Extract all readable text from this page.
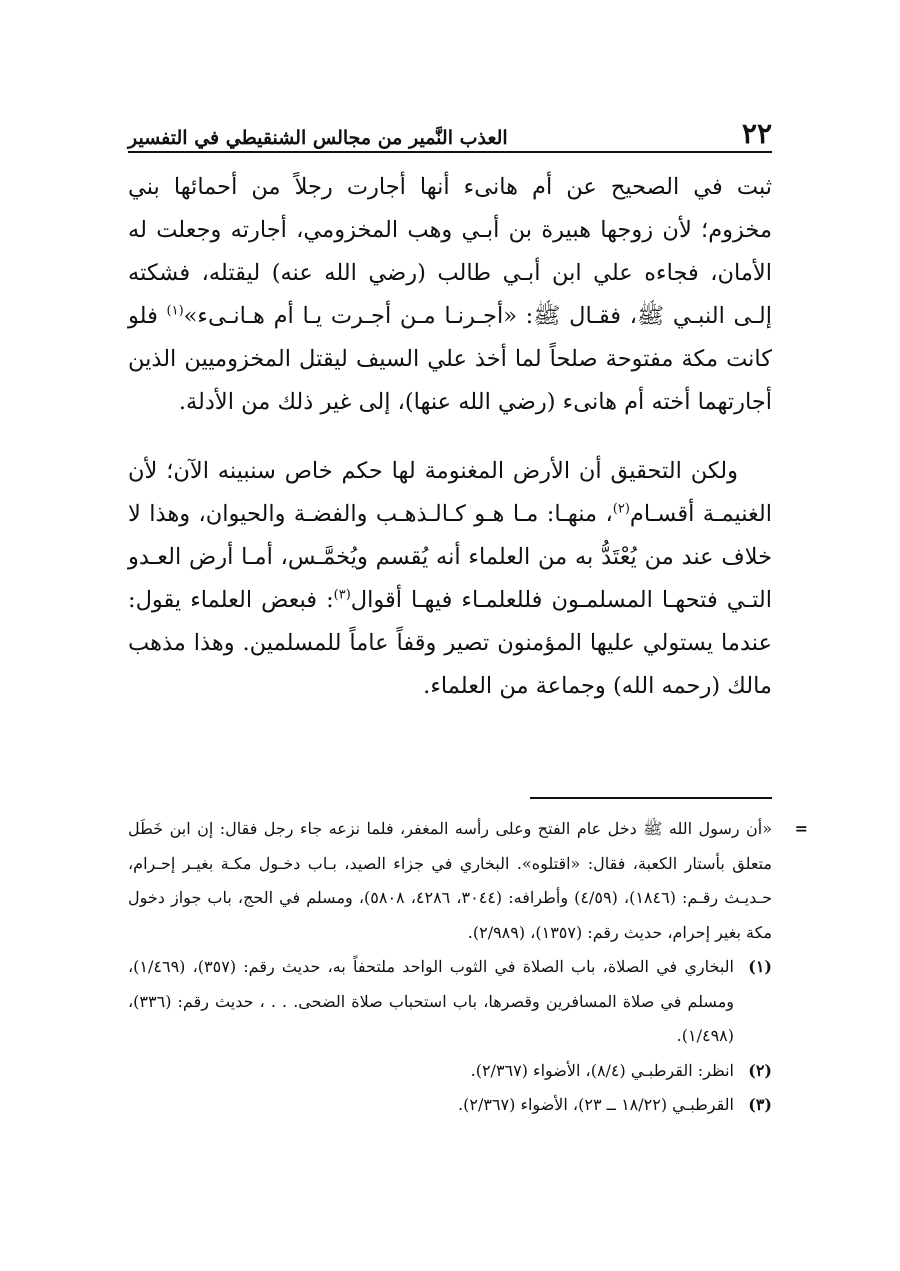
٢٢
العذب النَّمير من مجالس الشنقيطي في التفسير

ثبت في الصحيح عن أم هانىء أنها أجارت رجلاً من أحمائها بني مخزوم؛ لأن زوجها هبيرة بن أبـي وهب المخزومي، أجارته وجعلت له الأمان، فجاءه علي ابن أبـي طالب (رضي الله عنه) ليقتله، فشكته إلـى النبـي ﷺ، فقـال ﷺ: «أجـرنـا مـن أجـرت يـا أم هـانـىء»$^{(١)}$ فلو كانت مكة مفتوحة صلحاً لما أخذ علي السيف ليقتل المخزوميين الذين أجارتهما أخته أم هانىء (رضي الله عنها)، إلى غير ذلك من الأدلة.

ولكن التحقيق أن الأرض المغنومة لها حكم خاص سنبينه الآن؛ لأن الغنيمـة أقسـام$^{(٢)}$، منهـا: مـا هـو كـالـذهـب والفضـة والحيوان، وهذا لا خلاف عند من يُعْتَدُّ به من العلماء أنه يُقسم ويُخمَّـس، أمـا أرض العـدو التـي فتحهـا المسلمـون فللعلمـاء فيهـا أقوال$^{(٣)}$: فبعض العلماء يقول: عندما يستولي عليها المؤمنون تصير وقفاً عاماً للمسلمين. وهذا مذهب مالك (رحمه الله) وجماعة من العلماء.

=
«أن رسول الله ﷺ دخل عام الفتح وعلى رأسه المغفر، فلما نزعه جاء رجل فقال: إن ابن خَطَل متعلق بأستار الكعبة، فقال: «اقتلوه». البخاري في جزاء الصيد، بـاب دخـول مكـة بغيـر إحـرام، حـديـث رقـم: (١٨٤٦)، (٤/٥٩) وأطرافه: (٣٠٤٤، ٤٢٨٦، ٥٨٠٨)، ومسلم في الحج، باب جواز دخول مكة بغير إحرام، حديث رقم: (١٣٥٧)، (٢/٩٨٩).
(١)
البخاري في الصلاة، باب الصلاة في الثوب الواحد ملتحفاً به، حديث رقم: (٣٥٧)، (١/٤٦٩)، ومسلم في صلاة المسافرين وقصرها، باب استحباب صلاة الضحى. . . ، حديث رقم: (٣٣٦)، (١/٤٩٨).
(٢)
انظر: القرطبـي (٨/٤)، الأضواء (٢/٣٦٧).
(٣)
القرطبـي (١٨/٢٢ ــ ٢٣)، الأضواء (٢/٣٦٧).
